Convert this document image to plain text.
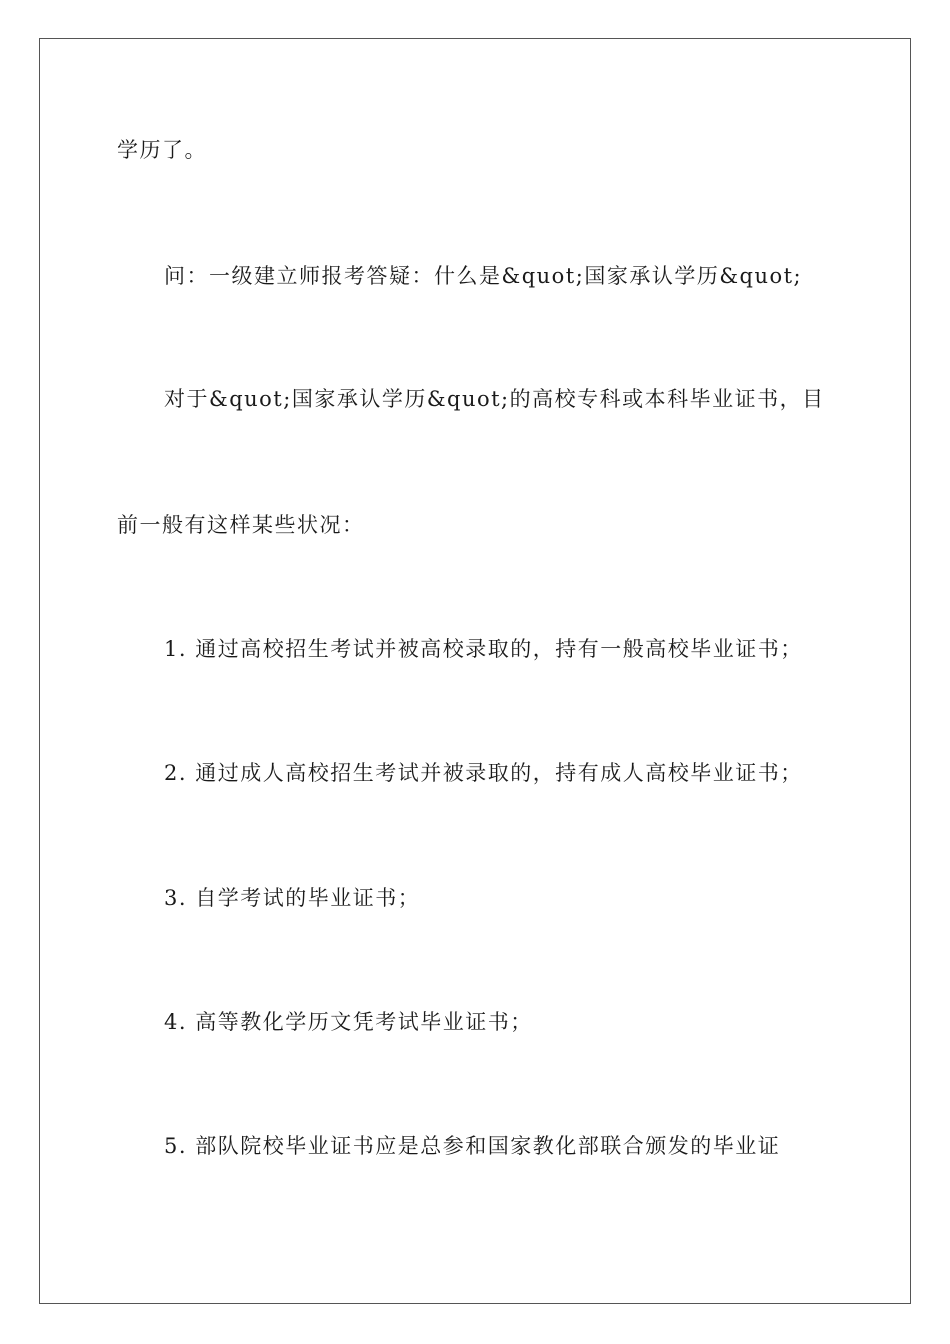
学历了。
问：一级建立师报考答疑：什么是&quot;国家承认学历&quot;
对于&quot;国家承认学历&quot;的高校专科或本科毕业证书，目
前一般有这样某些状况：
1. 通过高校招生考试并被高校录取的，持有一般高校毕业证书；
2. 通过成人高校招生考试并被录取的，持有成人高校毕业证书；
3. 自学考试的毕业证书；
4. 高等教化学历文凭考试毕业证书；
5. 部队院校毕业证书应是总参和国家教化部联合颁发的毕业证
